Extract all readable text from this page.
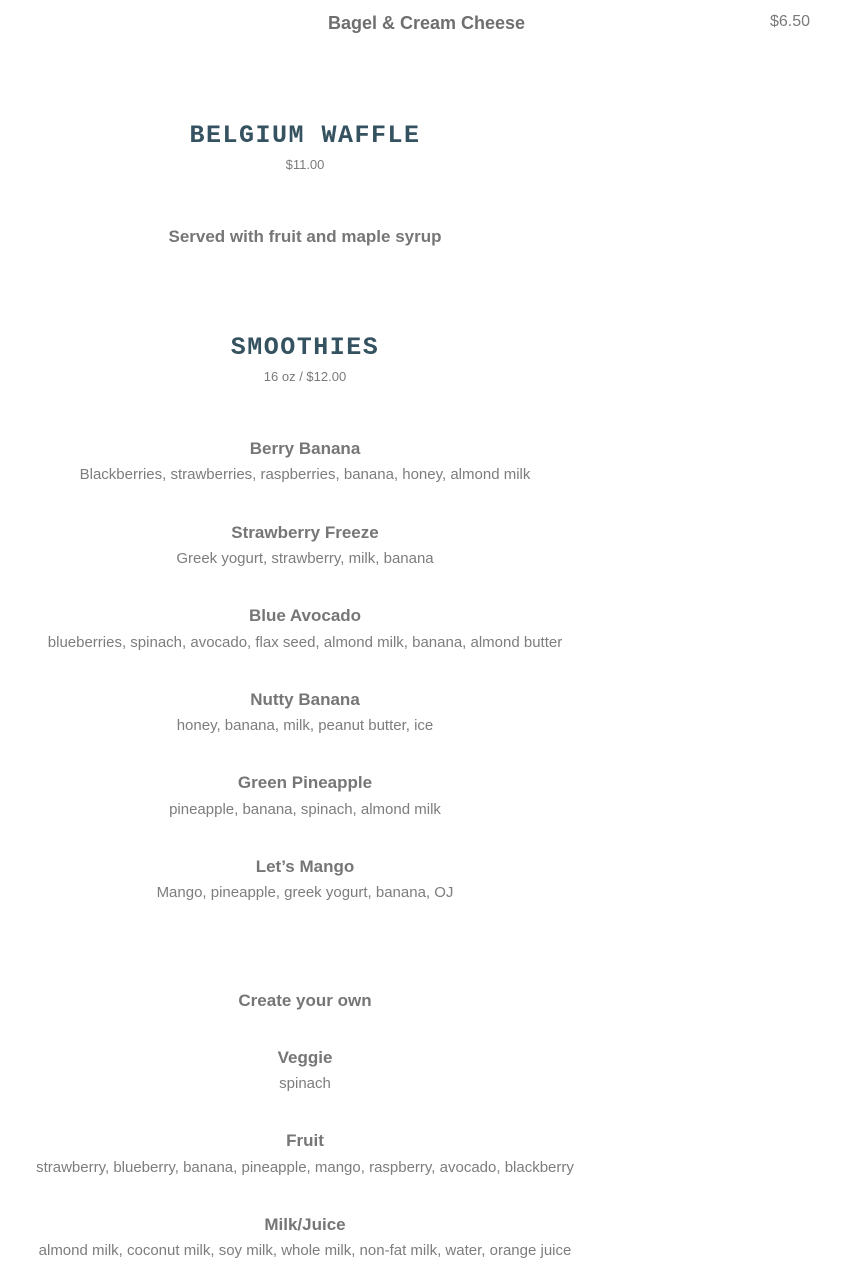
Bagel & Cream Cheese	$6.50
BELGIUM WAFFLE
$11.00
Served with fruit and maple syrup
SMOOTHIES
16 oz / $12.00
Berry Banana
Blackberries, strawberries, raspberries, banana, honey, almond milk
Strawberry Freeze
Greek yogurt, strawberry, milk, banana
Blue Avocado
blueberries, spinach, avocado, flax seed, almond milk, banana, almond butter
Nutty Banana
honey, banana, milk, peanut butter, ice
Green Pineapple
pineapple, banana, spinach, almond milk
Let’s Mango
Mango, pineapple, greek yogurt, banana, OJ
Create your own
Veggie
spinach
Fruit
strawberry, blueberry, banana, pineapple, mango, raspberry, avocado, blackberry
Milk/Juice
almond milk, coconut milk, soy milk, whole milk, non-fat milk, water, orange juice
